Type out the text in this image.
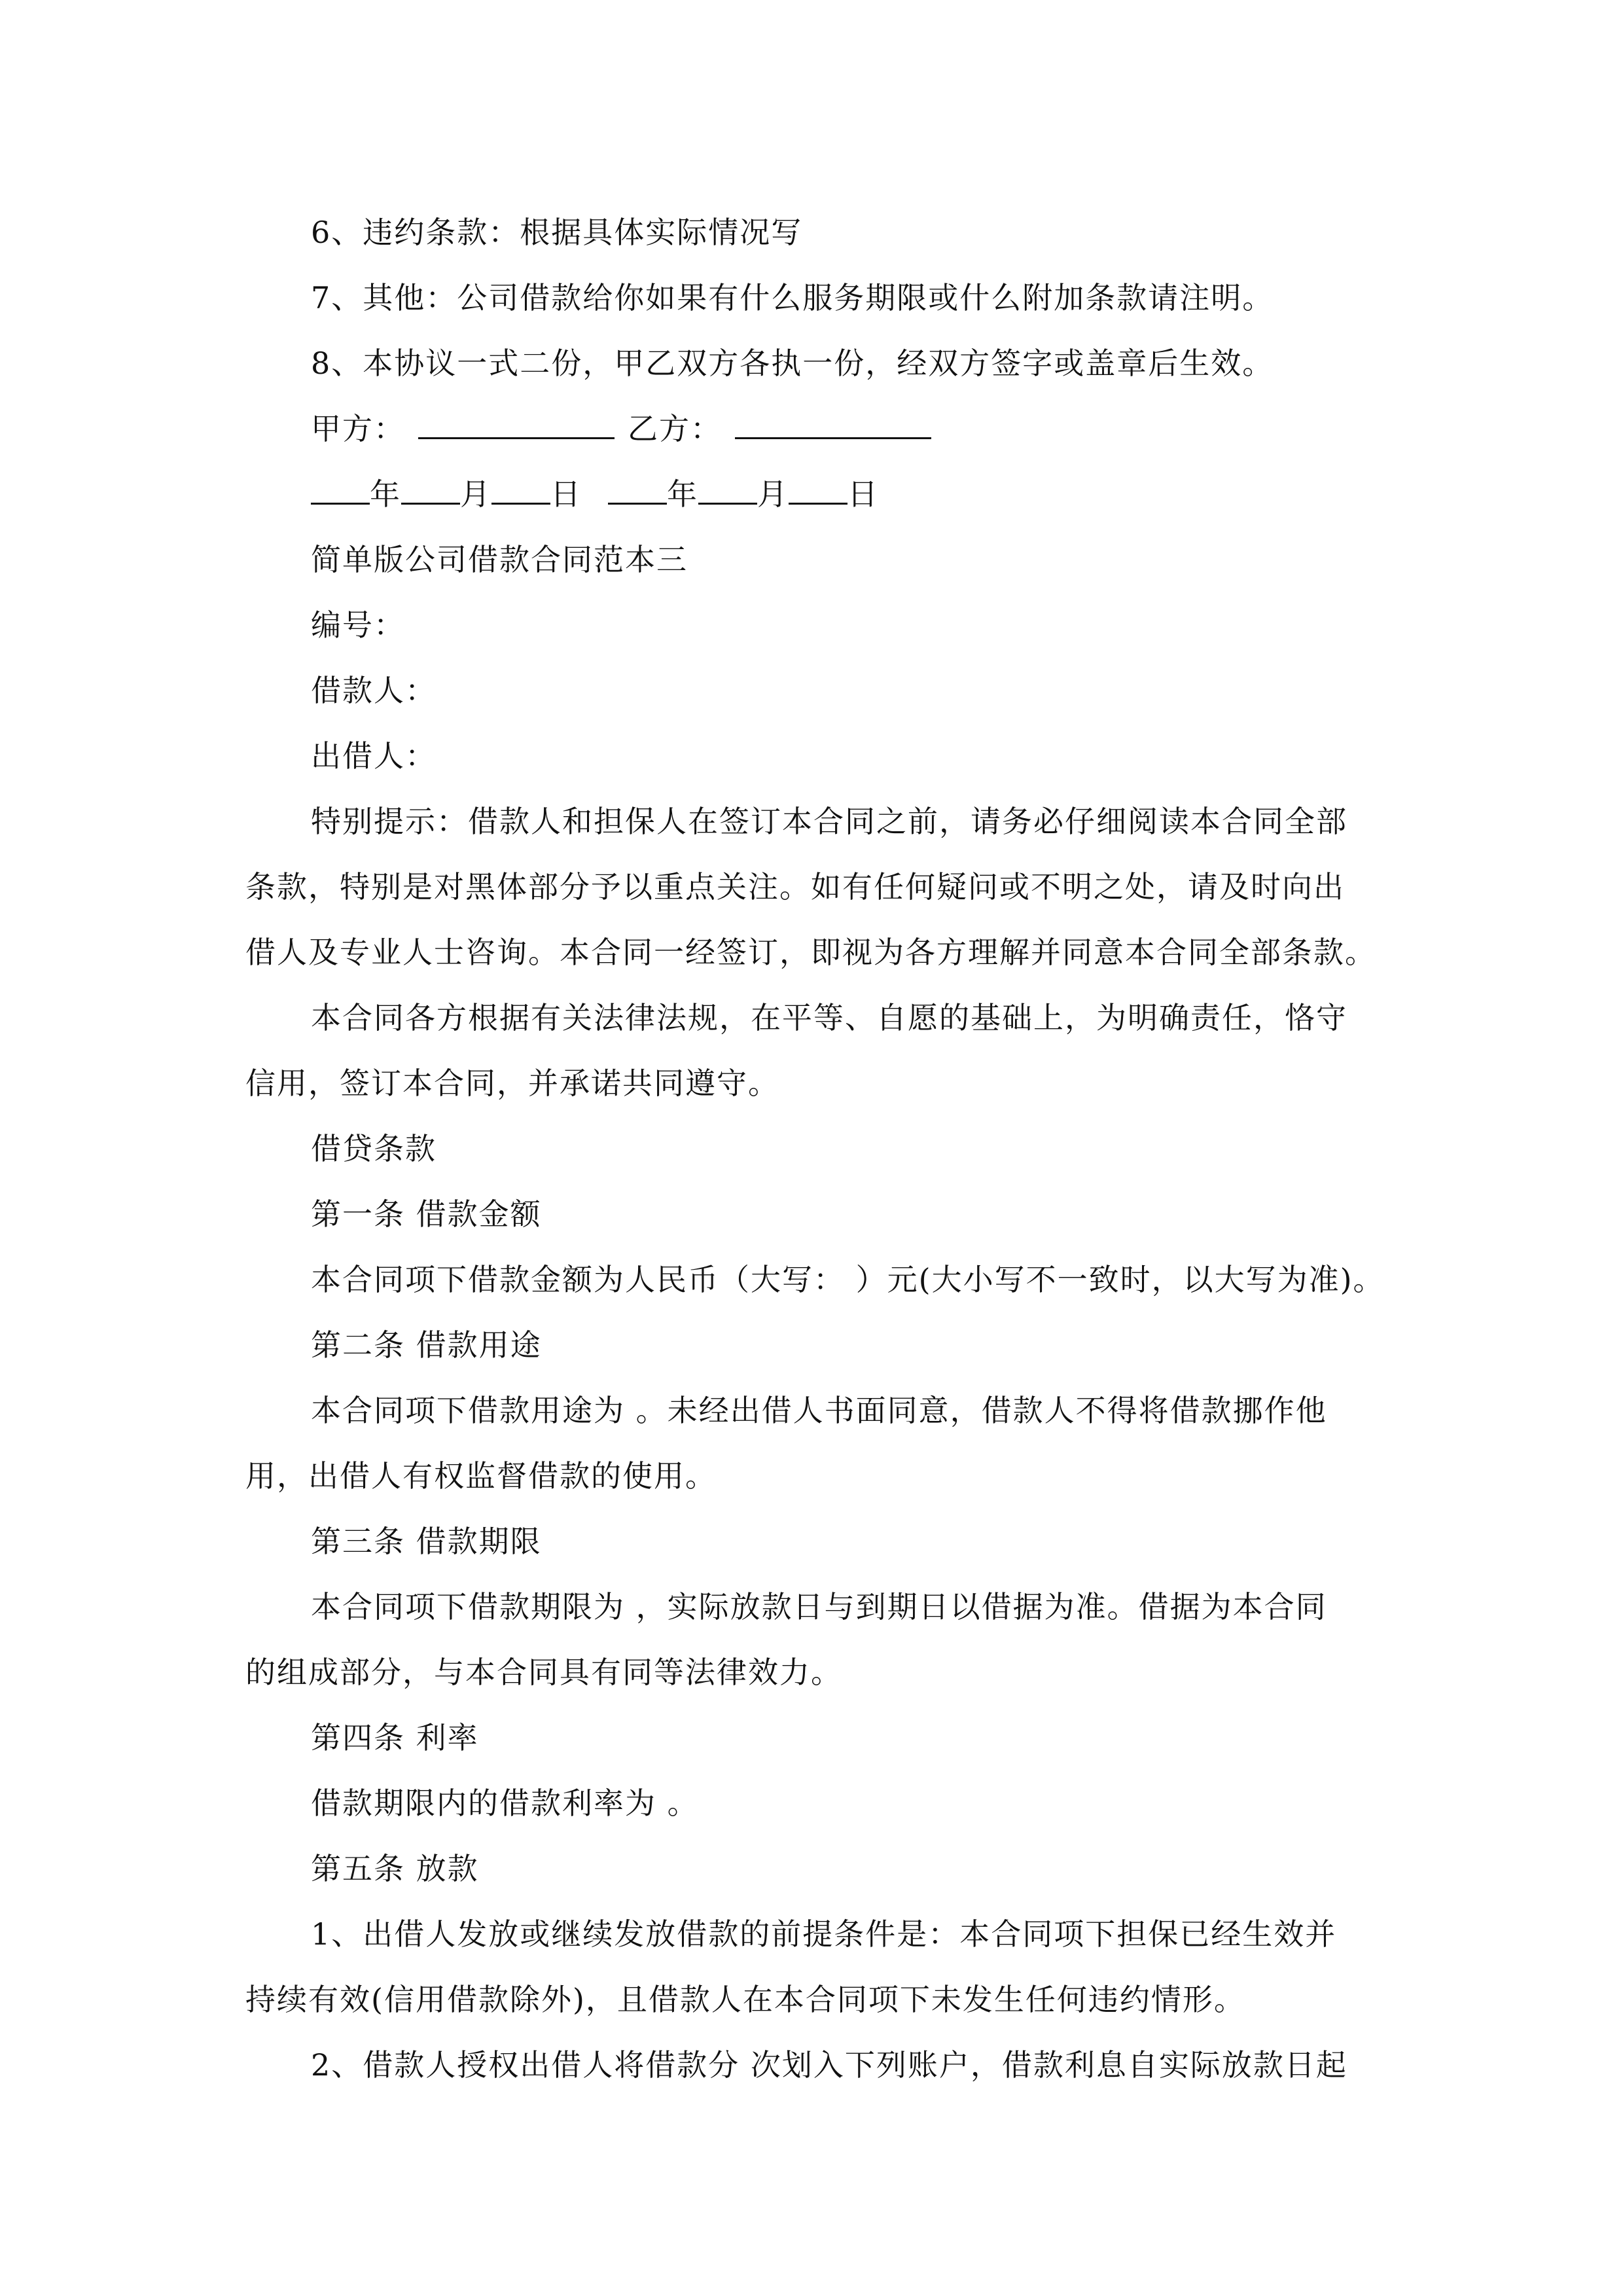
6、违约条款：根据具体实际情况写
7、其他：公司借款给你如果有什么服务期限或什么附加条款请注明。
8、本协议一式二份，甲乙双方各执一份，经双方签字或盖章后生效。
甲方：	乙方：
年 月 日	年 月 日
简单版公司借款合同范本三
编号：
借款人：
出借人：
特别提示：借款人和担保人在签订本合同之前，请务必仔细阅读本合同全部
条款，特别是对黑体部分予以重点关注。如有任何疑问或不明之处，请及时向出
借人及专业人士咨询。本合同一经签订，即视为各方理解并同意本合同全部条款。
本合同各方根据有关法律法规，在平等、自愿的基础上，为明确责任，恪守
信用，签订本合同，并承诺共同遵守。
借贷条款
第一条 借款金额
本合同项下借款金额为人民币（大写： ）元(大小写不一致时，以大写为准)。
第二条 借款用途
本合同项下借款用途为 。未经出借人书面同意，借款人不得将借款挪作他
用，出借人有权监督借款的使用。
第三条 借款期限
本合同项下借款期限为 ，实际放款日与到期日以借据为准。借据为本合同
的组成部分，与本合同具有同等法律效力。
第四条 利率
借款期限内的借款利率为 。
第五条 放款
1、出借人发放或继续发放借款的前提条件是：本合同项下担保已经生效并
持续有效(信用借款除外)，且借款人在本合同项下未发生任何违约情形。
2、借款人授权出借人将借款分 次划入下列账户，借款利息自实际放款日起
